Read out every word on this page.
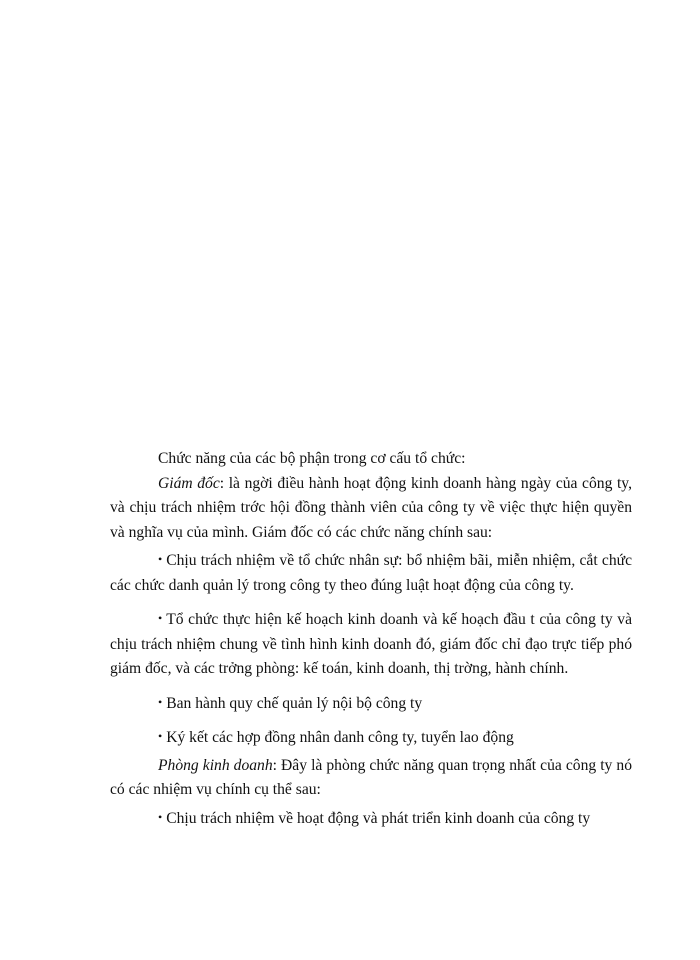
Chức năng của các bộ phận trong cơ cấu tổ chức:

Giám đốc: là ngời điều hành hoạt động kinh doanh hàng ngày của công ty, và chịu trách nhiệm trớc hội đồng thành viên của công ty về việc thực hiện quyền và nghĩa vụ của mình. Giám đốc có các chức năng chính sau:

• Chịu trách nhiệm về tổ chức nhân sự: bổ nhiệm bãi, miễn nhiệm, cắt chức các chức danh quản lý trong công ty theo đúng luật hoạt động của công ty.

• Tổ chức thực hiện kế hoạch kinh doanh và kế hoạch đầu t của công ty và chịu trách nhiệm chung về tình hình kinh doanh đó, giám đốc chỉ đạo trực tiếp phó giám đốc, và các trởng phòng: kế toán, kinh doanh, thị trờng, hành chính.

• Ban hành quy chế quản lý nội bộ công ty

• Ký kết các hợp đồng nhân danh công ty, tuyển lao động

Phòng kinh doanh: Đây là phòng chức năng quan trọng nhất của công ty nó có các nhiệm vụ chính cụ thể sau:

• Chịu trách nhiệm về hoạt động và phát triển kinh doanh của công ty
